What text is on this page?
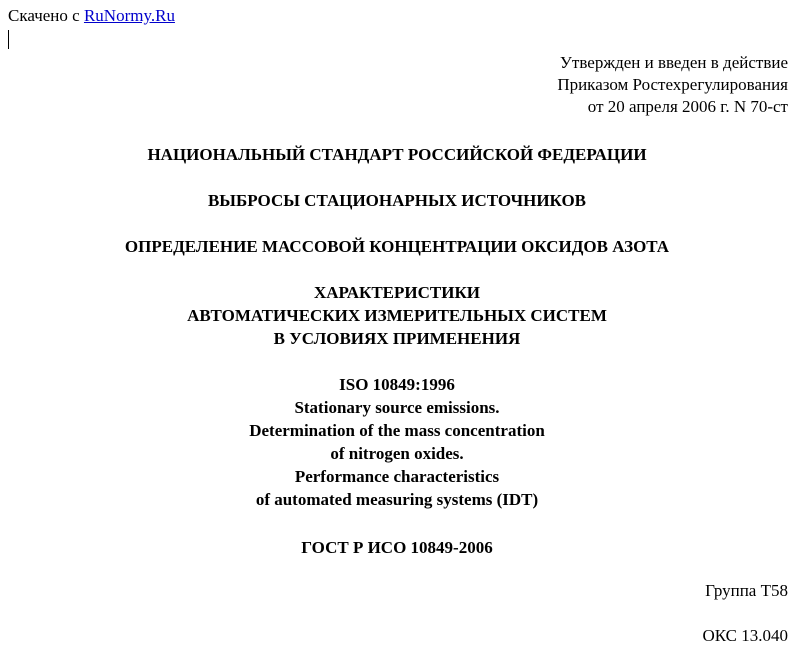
Скачено с RuNormy.Ru
Утвержден и введен в действие
Приказом Ростехрегулирования
от 20 апреля 2006 г. N 70-ст
НАЦИОНАЛЬНЫЙ СТАНДАРТ РОССИЙСКОЙ ФЕДЕРАЦИИ
ВЫБРОСЫ СТАЦИОНАРНЫХ ИСТОЧНИКОВ
ОПРЕДЕЛЕНИЕ МАССОВОЙ КОНЦЕНТРАЦИИ ОКСИДОВ АЗОТА
ХАРАКТЕРИСТИКИ
АВТОМАТИЧЕСКИХ ИЗМЕРИТЕЛЬНЫХ СИСТЕМ
В УСЛОВИЯХ ПРИМЕНЕНИЯ
ISO 10849:1996
Stationary source emissions.
Determination of the mass concentration
of nitrogen oxides.
Performance characteristics
of automated measuring systems (IDT)
ГОСТ Р ИСО 10849-2006
Группа Т58
ОКС 13.040
